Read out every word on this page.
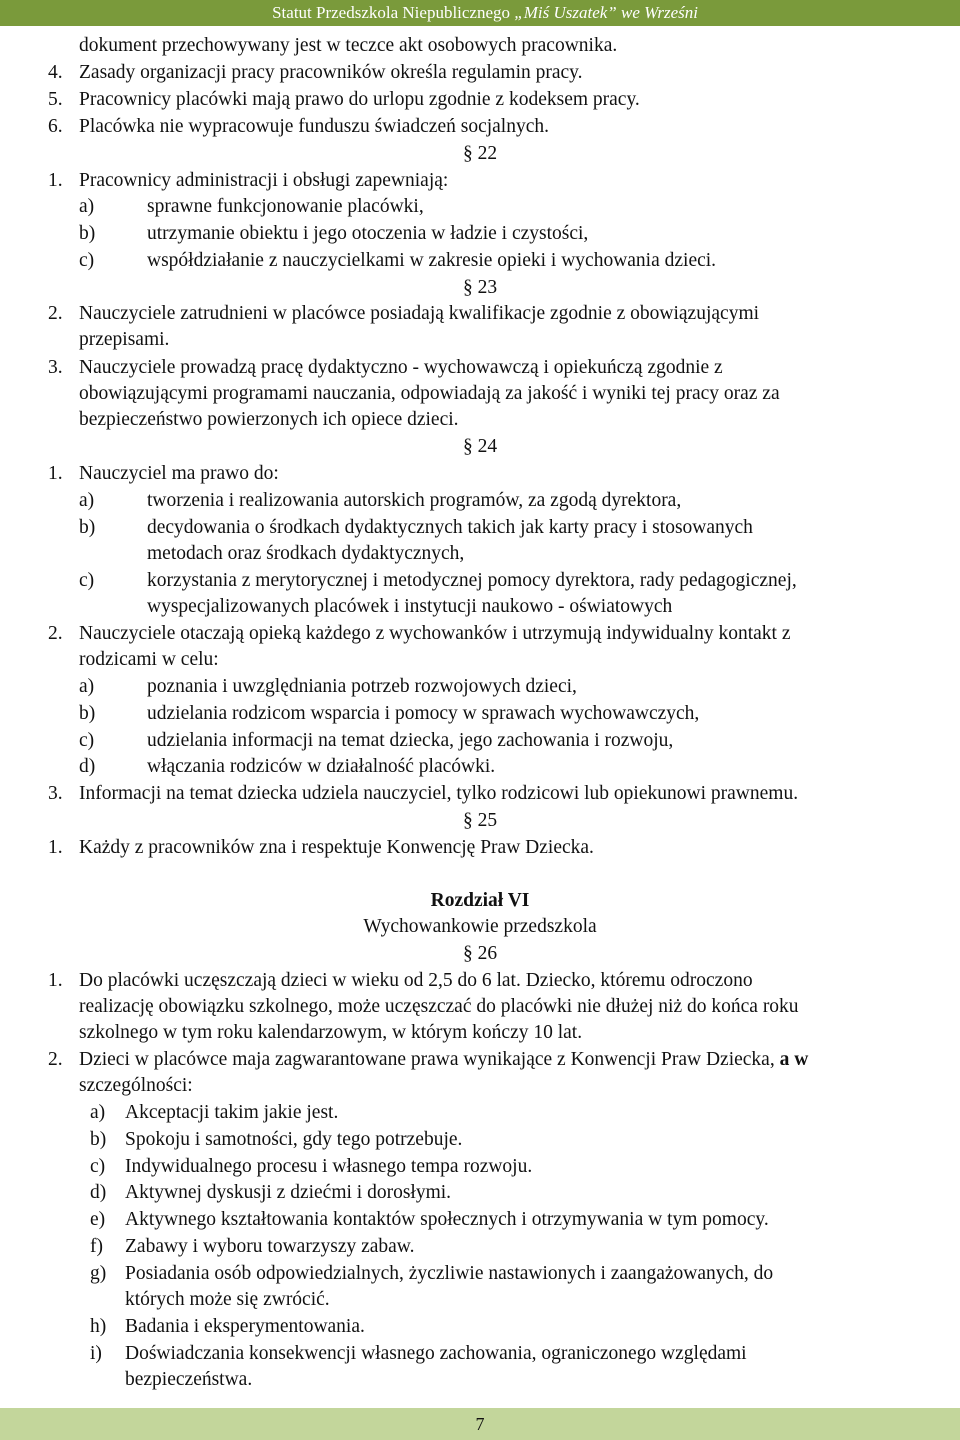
Statut Przedszkola Niepublicznego „Miś Uszatek” we Wrześni
dokument przechowywany jest w teczce akt osobowych pracownika.
4. Zasady organizacji pracy pracowników określa regulamin pracy.
5. Pracownicy placówki mają prawo do urlopu zgodnie z kodeksem pracy.
6. Placówka nie wypracowuje funduszu świadczeń socjalnych.
§ 22
1. Pracownicy administracji i obsługi zapewniają:
a)	sprawne funkcjonowanie placówki,
b)	utrzymanie obiektu i jego otoczenia w ładzie i czystości,
c)	współdziałanie z nauczycielkami w zakresie opieki i wychowania dzieci.
§ 23
2. Nauczyciele zatrudnieni w placówce posiadają kwalifikacje zgodnie z obowiązującymi
przepisami.
3. Nauczyciele prowadzą pracę dydaktyczno - wychowawczą i opiekuńczą zgodnie z
obowiązującymi programami nauczania, odpowiadają za jakość i wyniki tej pracy oraz za
bezpieczeństwo powierzonych ich opiece dzieci.
§ 24
1. Nauczyciel ma prawo do:
a)	tworzenia i realizowania autorskich programów, za zgodą dyrektora,
b)	decydowania o środkach dydaktycznych takich jak karty pracy i stosowanych
metodach oraz środkach dydaktycznych,
c)	korzystania z merytorycznej i metodycznej pomocy dyrektora, rady pedagogicznej,
wyspecjalizowanych placówek i instytucji naukowo - oświatowych
2. Nauczyciele otaczają opieką każdego z wychowanków i utrzymują indywidualny kontakt z
rodzicami w celu:
a)	poznania i uwzględniania potrzeb rozwojowych dzieci,
b)	udzielania rodzicom wsparcia i pomocy w sprawach wychowawczych,
c)	udzielania informacji na temat dziecka, jego zachowania i rozwoju,
d)	włączania rodziców w działalność placówki.
3. Informacji na temat dziecka udziela nauczyciel, tylko rodzicowi lub opiekunowi prawnemu.
§ 25
1. Każdy z pracowników zna i respektuje Konwencję Praw Dziecka.
Rozdział VI
Wychowankowie przedszkola
§ 26
1. Do placówki uczęszczają dzieci w wieku od 2,5 do 6 lat. Dziecko, któremu odroczono
realizację obowiązku szkolnego, może uczęszczać do placówki nie dłużej niż do końca roku
szkolnego w tym roku kalendarzowym, w którym kończy 10 lat.
2. Dzieci w placówce maja zagwarantowane prawa wynikające z Konwencji Praw Dziecka, a w
szczególności:
a) Akceptacji takim jakie jest.
b) Spokoju i samotności, gdy tego potrzebuje.
c) Indywidualnego procesu i własnego tempa rozwoju.
d) Aktywnej dyskusji z dziećmi i dorosłymi.
e) Aktywnego kształtowania kontaktów społecznych i otrzymywania w tym pomocy.
f) Zabawy i wyboru towarzyszy zabaw.
g) Posiadania osób odpowiedzialnych, życzliwie nastawionych i zaangażowanych, do
których może się zwrócić.
h) Badania i eksperymentowania.
i) Doświadczania konsekwencji własnego zachowania, ograniczonego względami
bezpieczeństwa.
7
